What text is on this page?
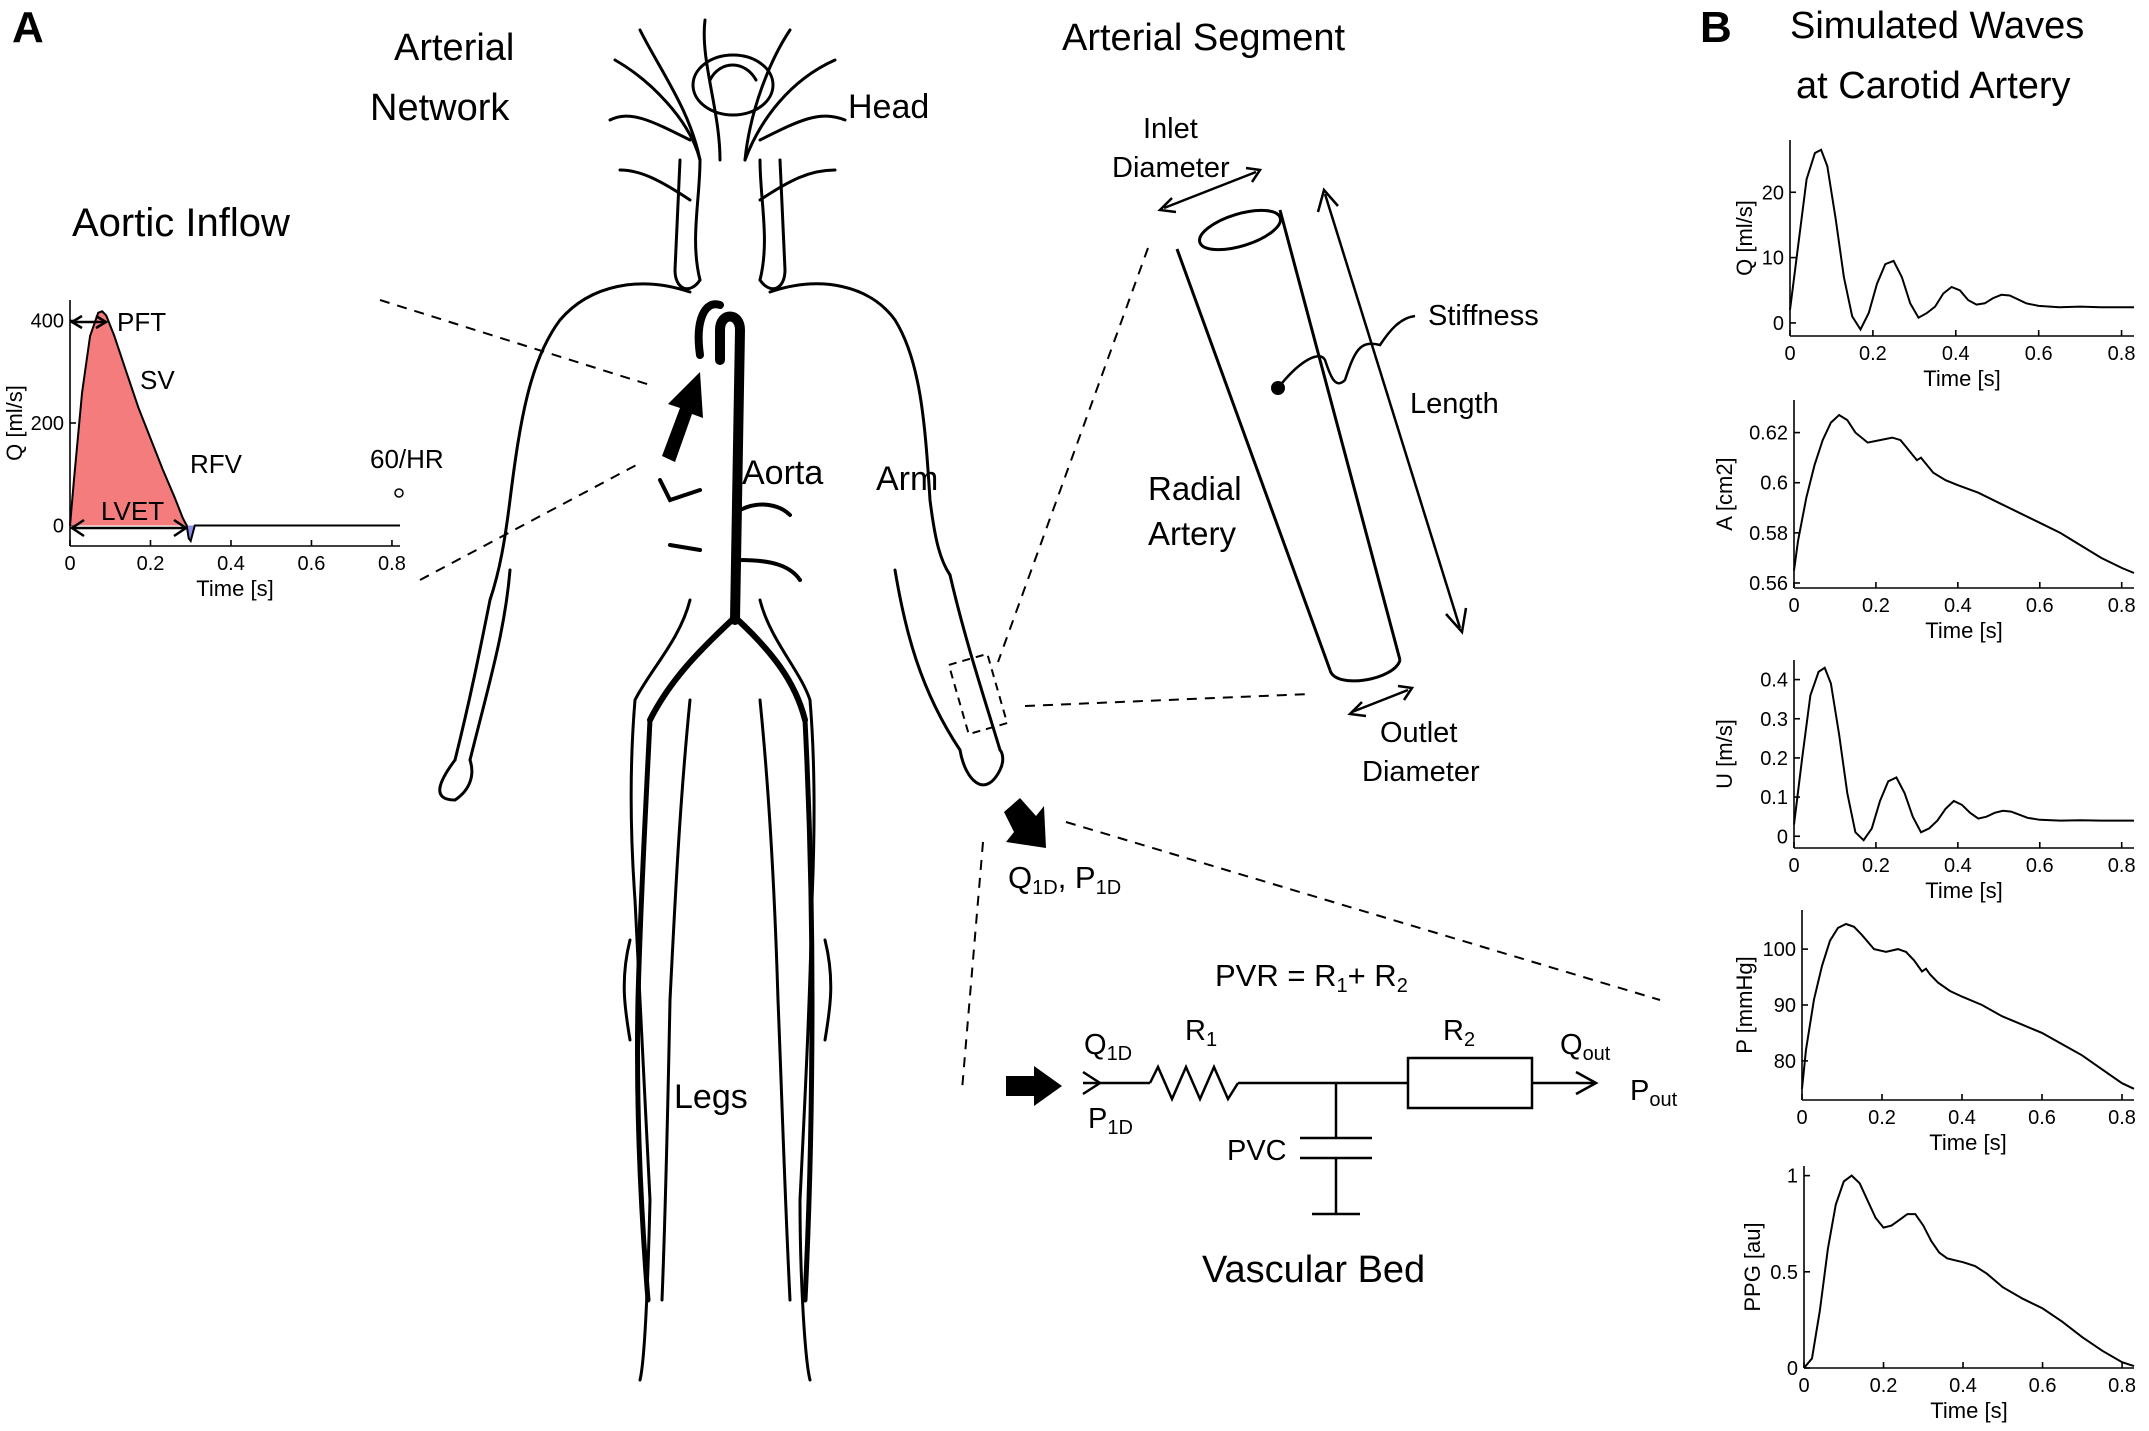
A	B
Aortic Inflow
0	0.2	0.4	0.6	0.8
0
200
400
Time [s]
Q [ml/s]
PFT
SV
RFV
LVET
60/HR
Arterial
Network	Head
Aorta Arm
Legs
Arterial Segment
Inlet
Diameter
Stiffness
Length
Radial
Artery
Outlet
Diameter
Q1D, P1D
PVR = R1+ R2
$Q_{1D}$
$P_{1D}$
$R_1$	$R_2$	$Q_{out}$
$P_{out}$
PVC
Vascular Bed
Simulated Waves
at Carotid Artery
0	0.2	0.4	0.6	0.8
0
10
20
Time [s]
Q [ml/s]
0	0.2	0.4	0.6	0.8
0.56
0.58
0.6
0.62
Time [s]
A [cm2]
0	0.2	0.4	0.6	0.8
0
0.1
0.2
0.3
0.4
Time [s]
U [m/s]
0	0.2	0.4	0.6	0.8
80
90
100
Time [s]
P [mmHg]
0	0.2	0.4	0.6	0.8
0
0.5
1
Time [s]
PPG [au]
